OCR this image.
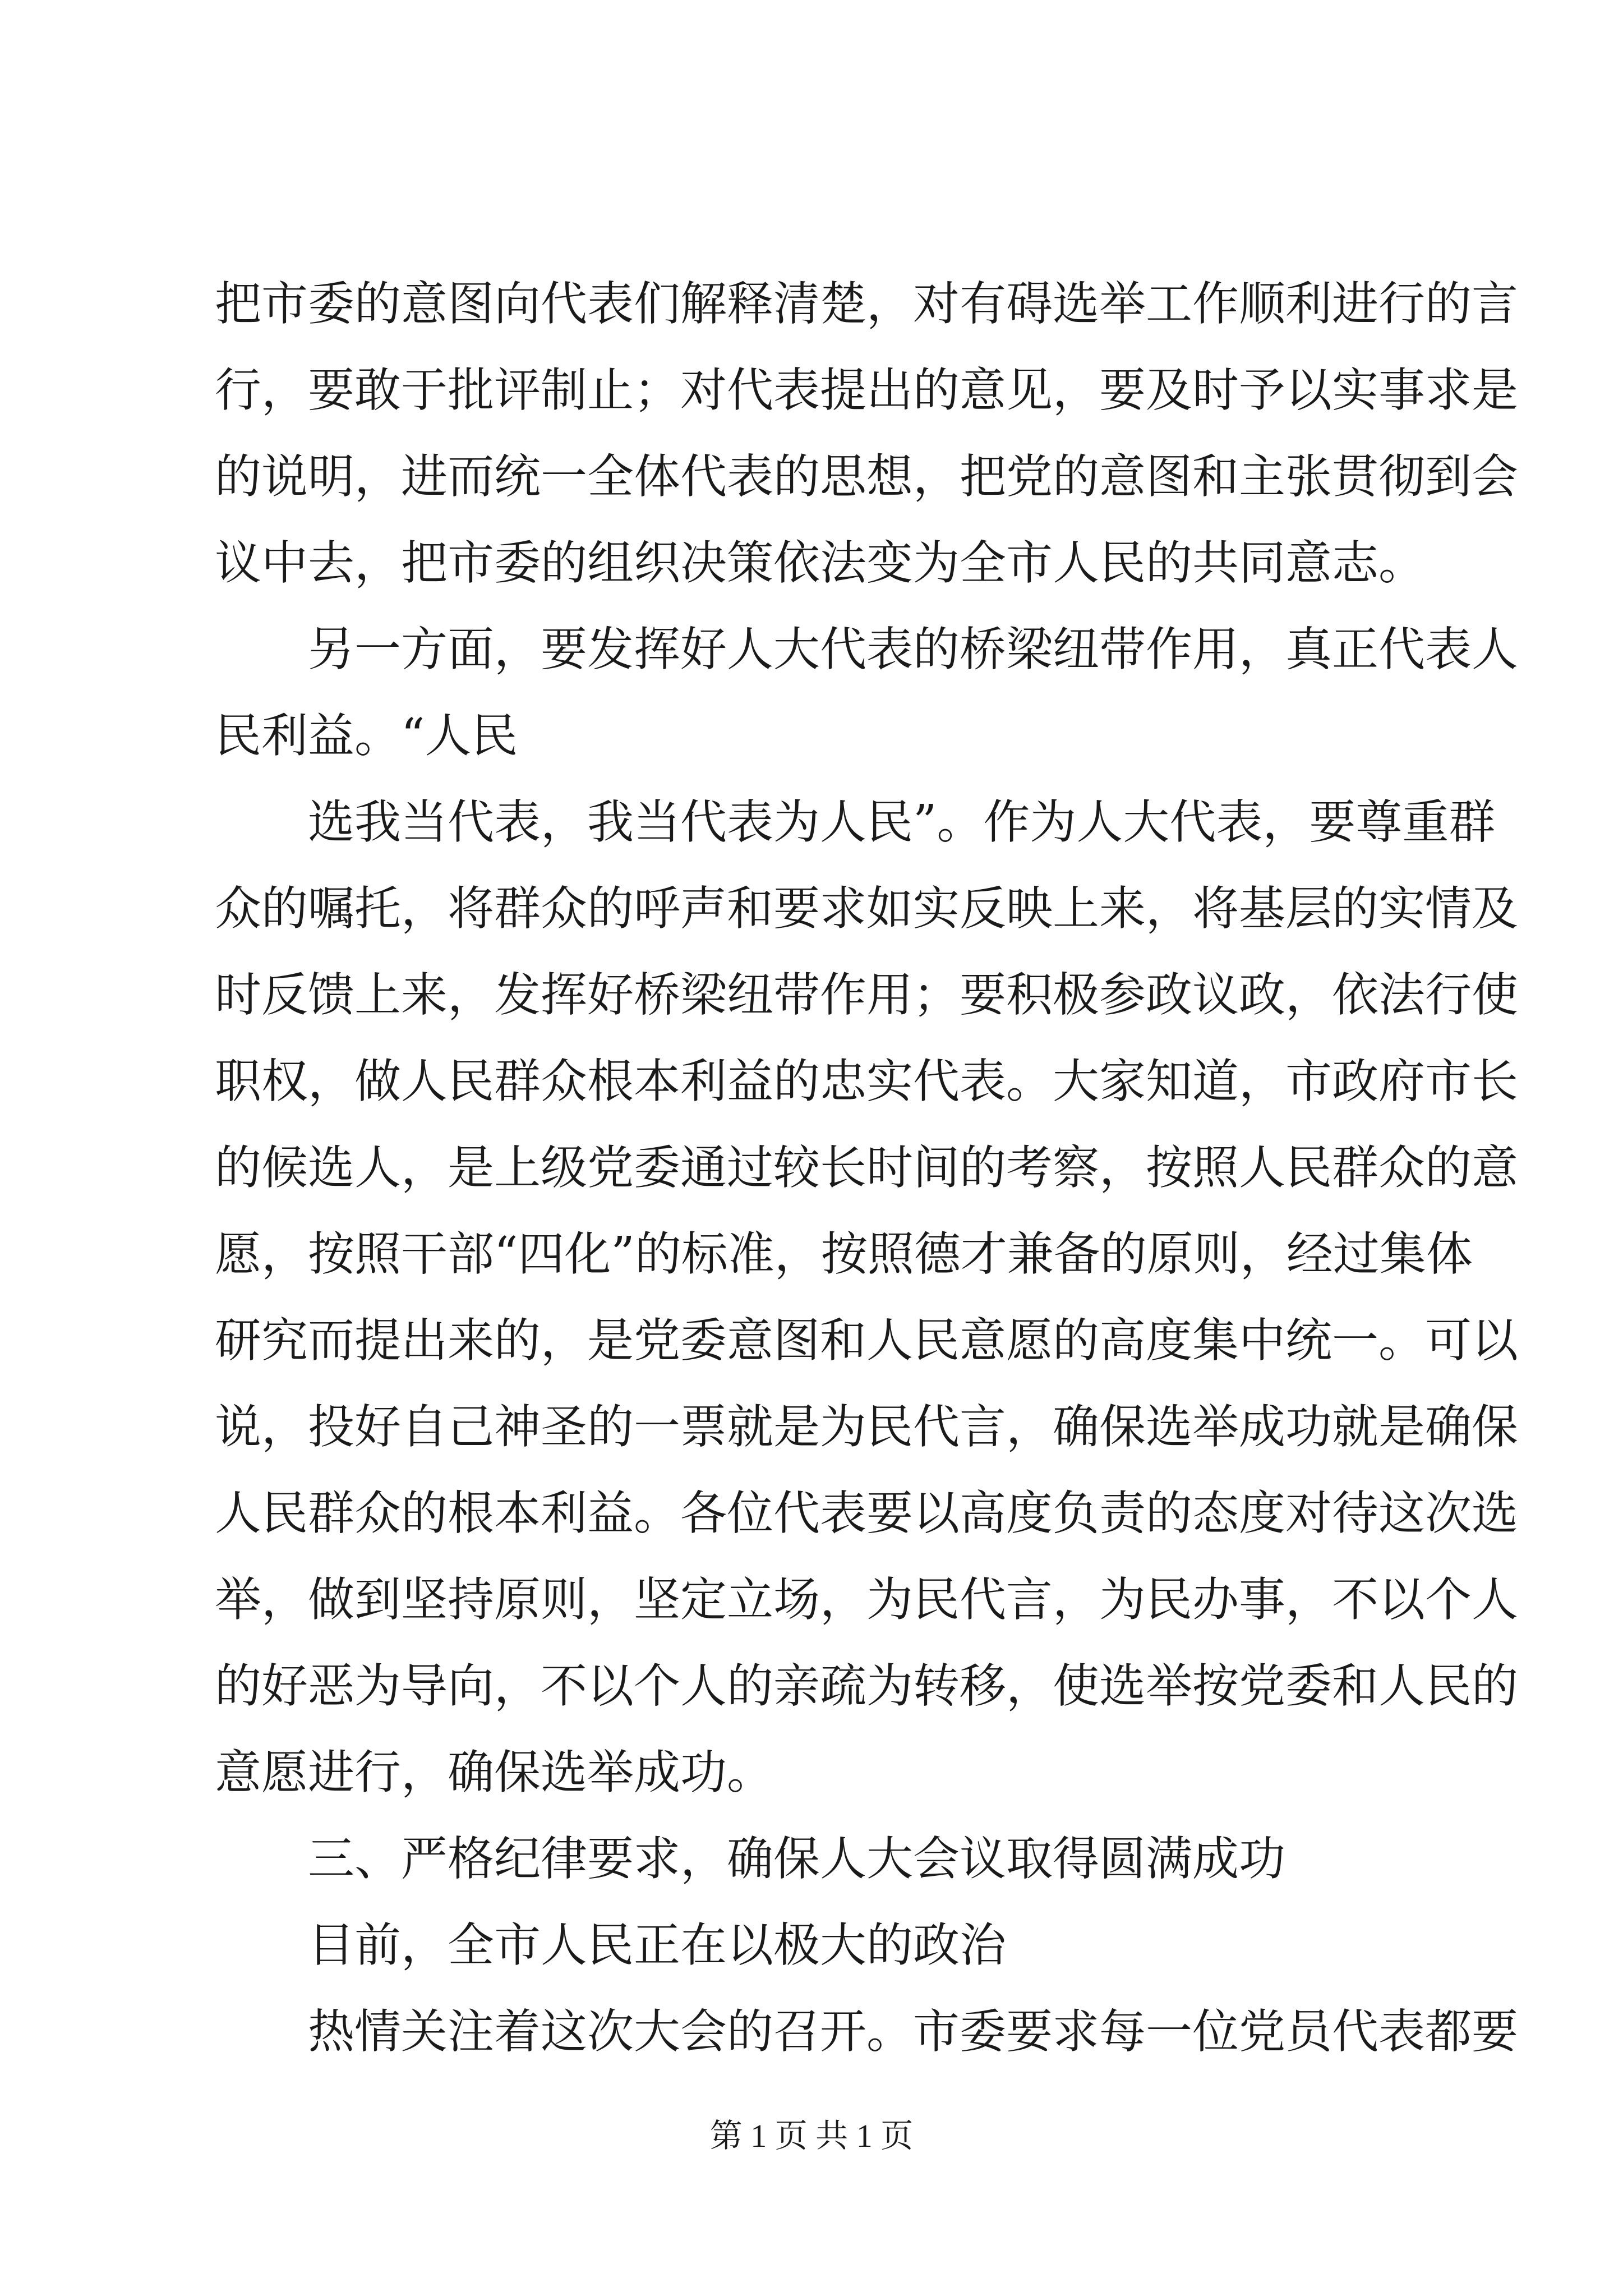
把市委的意图向代表们解释清楚，对有碍选举工作顺利进行的言
行，要敢于批评制止；对代表提出的意见，要及时予以实事求是
的说明，进而统一全体代表的思想，把党的意图和主张贯彻到会
议中去，把市委的组织决策依法变为全市人民的共同意志。
另一方面，要发挥好人大代表的桥梁纽带作用，真正代表人
民利益。“人民
选我当代表，我当代表为人民”。作为人大代表，要尊重群
众的嘱托，将群众的呼声和要求如实反映上来，将基层的实情及
时反馈上来，发挥好桥梁纽带作用；要积极参政议政，依法行使
职权，做人民群众根本利益的忠实代表。大家知道，市政府市长
的候选人，是上级党委通过较长时间的考察，按照人民群众的意
愿，按照干部“四化”的标准，按照德才兼备的原则，经过集体
研究而提出来的，是党委意图和人民意愿的高度集中统一。可以
说，投好自己神圣的一票就是为民代言，确保选举成功就是确保
人民群众的根本利益。各位代表要以高度负责的态度对待这次选
举，做到坚持原则，坚定立场，为民代言，为民办事，不以个人
的好恶为导向，不以个人的亲疏为转移，使选举按党委和人民的
意愿进行，确保选举成功。
三、严格纪律要求，确保人大会议取得圆满成功
目前，全市人民正在以极大的政治
热情关注着这次大会的召开。市委要求每一位党员代表都要
第 1 页 共 1 页
